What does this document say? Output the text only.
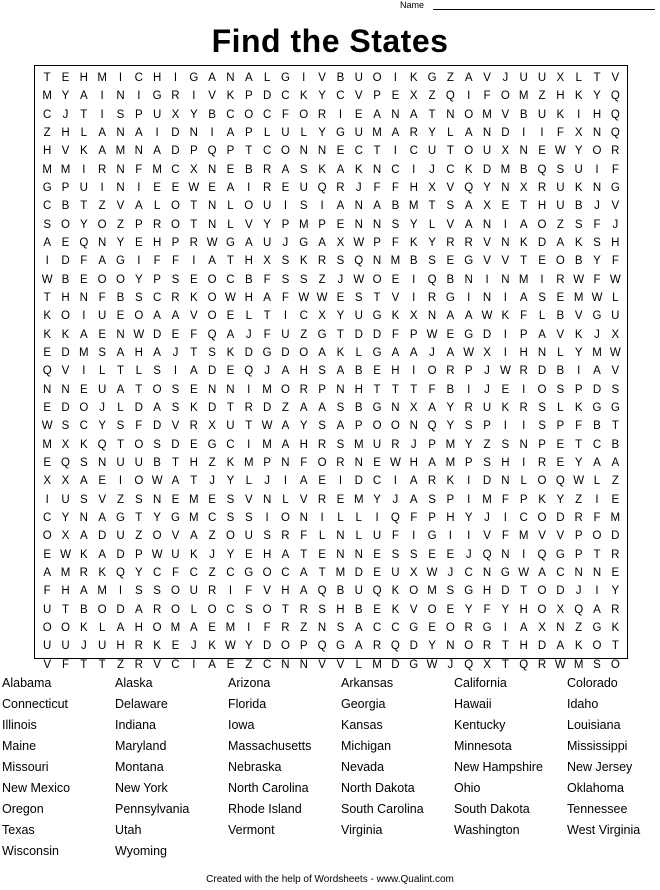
Name
Find the States
T E H M	I	C H	I	G A N A L G	I	V B U O	I	K G Z A V	J U U X L	T V
M Y A	I	N	I	G R	I	V K P D C K Y C V P E X Z Q	I	F O M Z H K Y Q
C J	T	I	S P U X Y B C O C F O R	I	E A N A T N O M V B U K	I	H Q
Z H L A N A	I	D N	I	A P L U L Y G U M A R Y L A N D	I	I	F X N Q
H V K A M N A D P Q P T C O N N E C T	I	C U T O U X N E W Y O R
M M	I	R N F M C X N E B R A S K A K N C	I	J C K D M B Q S U	I	F
G P U	I	N	I	E E W E A	I	R E U Q R J	F F H X V Q Y N X R U K N G
C B T Z V A L O T N L O U	I	S	I	A N A B M T S A X E T H U B	J	V
S O Y O Z P R O T N L V Y P M P E N N S Y L V A N	I	A O Z S F	J
A E Q N Y E H P R W G A U J G A X W P F K Y R R V N K D A K S H
I	D F A G	I	F F	I	A T H X S K R S Q N M B S E G V V T E O B Y F
W B E O O Y P S E O C B F S S Z	J W O E	I	Q B N	I	N M	I	R W F W
T H N F B S C R K O W H A F W W E S T V	I	R G	I	N	I	A S E M W L
K O	I	U E O A A V O E L	T	I	C X Y U G K X N A A W K F	L B V G U
K K A E N W D E F Q A	J	F U Z G T D D F P W E G D	I	P A V K	J	X
E D M S A H A	J	T S K D G D O A K L G A A	J	A W X	I	H N L Y M W
Q V	I	L	T	L S	I	A D E Q J	A H S A B E H	I	O R P	J W R D B	I	A V
N N E U A T O S E N N	I	M O R P N H T T T F B	I	J	E	I	O S P D S
E D O J	L D A S K D T R D Z A A S B G N X A Y R U K R S L K G G
W S C Y S F D V R X U T W A Y S A P O O N Q Y S P	I	I	S P F B T
M X K Q T O S D E G C	I	M A H R S M U R J	P M Y Z S N P E T C B
E Q S N U U B T H Z K M P N F O R N E W H A M P S H	I	R E Y A A
X X A E	I	O W A T	J	Y L	J	I	A E	I	D C	I	A R K	I	D N L O Q W L	Z
I	U S V Z S N E M E S V N L V R E M Y	J	A S P	I	M F P K Y Z	I	E
C Y N A G T Y G M C S S	I	O N	I	L	L	I	Q F P H Y	J	I	C O D R F M
O X A D U Z O V A Z O U S R F	L N L U F	I	G	I	I	V F M V V P O D
E W K A D P W U K	J	Y E H A T E N N E S S E E	J Q N	I	Q G P T R
A M R K Q Y C F C Z C G O C A T M D E U X W J C N G W A C N N E
F H A M	I	S S O U R	I	F V H A Q B U Q K O M S G H D T O D J	I	Y
U T B O D A R O L O C S O T R S H B E K V O E Y F Y H O X Q A R
O O K L A H O M A E M	I	F R Z N S A C C G E O R G	I	A X N Z G K
U U J U H R K E	J	K W Y D O P Q G A R Q D Y N O R T H D A K O T
V F T T Z R V C	I	A E Z C N N V V L M D G W J Q X T Q R W M S O
Alabama	Alaska	Arizona	Arkansas	California	Colorado
Connecticut	Delaware	Florida	Georgia	Hawaii	Idaho
Illinois	Indiana	Iowa	Kansas	Kentucky	Louisiana
Maine	Maryland	Massachusetts	Michigan	Minnesota	Mississippi
Missouri	Montana	Nebraska	Nevada	New Hampshire	New Jersey
New Mexico	New York	North Carolina	North Dakota	Ohio	Oklahoma
Oregon	Pennsylvania	Rhode Island	South Carolina	South Dakota	Tennessee
Texas	Utah	Vermont	Virginia	Washington	West Virginia
Wisconsin	Wyoming
Created with the help of Wordsheets - www.Qualint.com
